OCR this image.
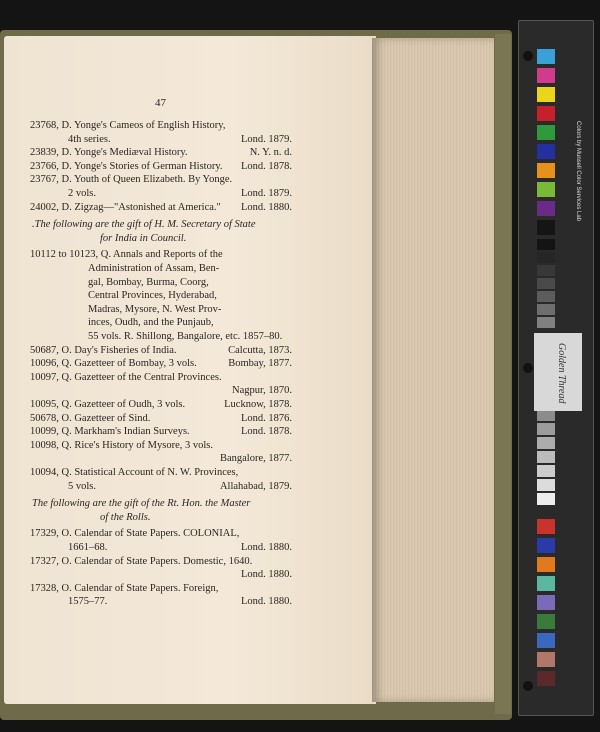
47
23768, D. Yonge's Cameos of English History,
4th series.	Lond. 1879.
23839, D. Yonge's Mediæval History.	N. Y. n. d.
23766, D. Yonge's Stories of German History. Lond. 1878.
23767, D. Youth of Queen Elizabeth. By Yonge.
2 vols.	Lond. 1879.
24002, D. Zigzag—"Astonished at America." Lond. 1880.
.The following are the gift of H. M. Secretary of State
for India in Council.
10112 to 10123, Q. Annals and Reports of the
Administration of Assam, Ben-
gal, Bombay, Burma, Coorg,
Central Provinces, Hyderabad,
Madras, Mysore, N. West Prov-
inces, Oudh, and the Punjaub,
55 vols. R. Shillong, Bangalore, etc. 1857–80.
50687, O. Day's Fisheries of India.	Calcutta, 1873.
10096, Q. Gazetteer of Bombay, 3 vols.	Bombay, 1877.
10097, Q. Gazetteer of the Central Provinces.
Nagpur, 1870.
10095, Q. Gazetteer of Oudh, 3 vols.	Lucknow, 1878.
50678, O. Gazetteer of Sind.	Lond. 1876.
10099, Q. Markham's Indian Surveys.	Lond. 1878.
10098, Q. Rice's History of Mysore, 3 vols.
Bangalore, 1877.
10094, Q. Statistical Account of N. W. Provinces,
5 vols.	Allahabad, 1879.
The following are the gift of the Rt. Hon. the Master
of the Rolls.
17329, O. Calendar of State Papers. COLONIAL,
1661–68.	Lond. 1880.
17327, O. Calendar of State Papers. Domestic, 1640.
Lond. 1880.
17328, O. Calendar of State Papers. Foreign,
1575–77.	Lond. 1880.
Golden Thread
Colors by Munsell Color Services Lab
